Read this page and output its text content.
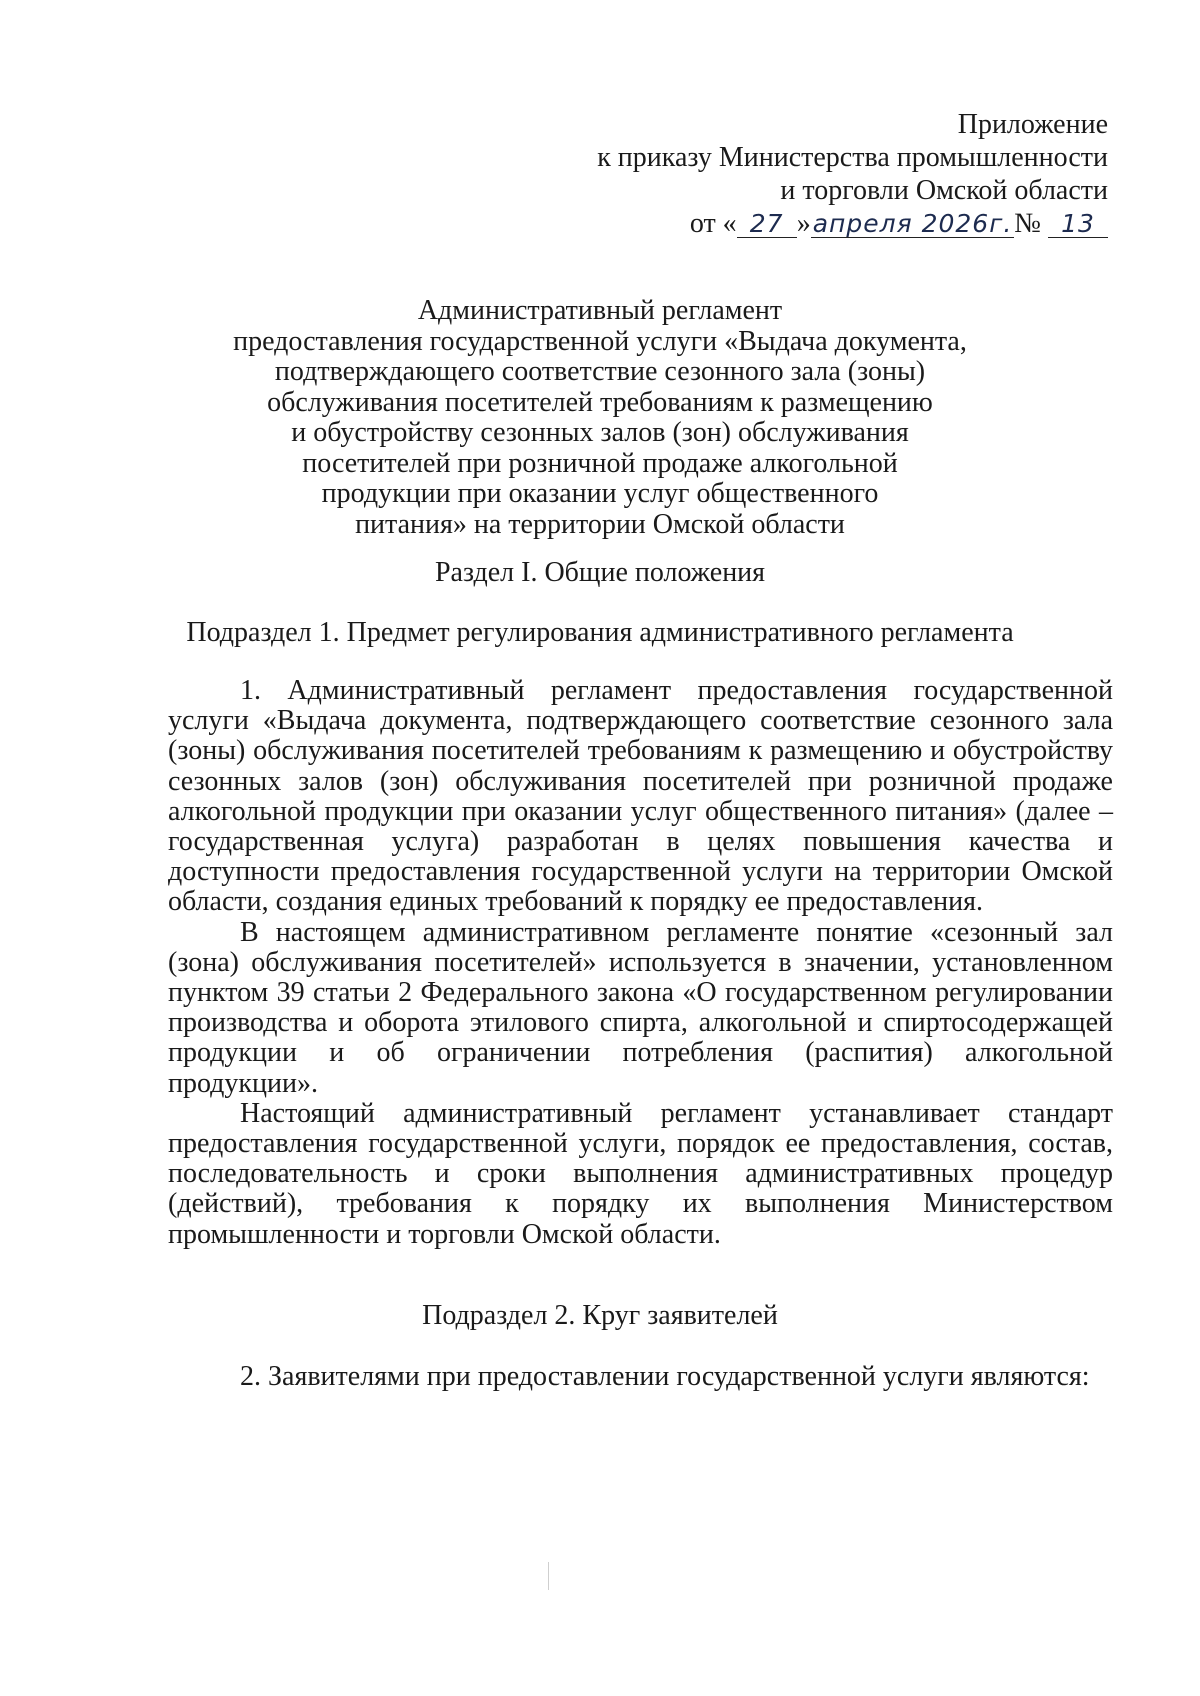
Приложение
к приказу Министерства промышленности
и торговли Омской области
от « 27 »апреля 2026г.№ 13
Административный регламент
предоставления государственной услуги «Выдача документа,
подтверждающего соответствие сезонного зала (зоны)
обслуживания посетителей требованиям к размещению
и обустройству сезонных залов (зон) обслуживания
посетителей при розничной продаже алкогольной
продукции при оказании услуг общественного
питания» на территории Омской области
Раздел I. Общие положения
Подраздел 1. Предмет регулирования административного регламента

1. Административный регламент предоставления государственной услуги «Выдача документа, подтверждающего соответствие сезонного зала (зоны) обслуживания посетителей требованиям к размещению и обустройству сезонных залов (зон) обслуживания посетителей при розничной продаже алкогольной продукции при оказании услуг общественного питания» (далее – государственная услуга) разработан в целях повышения качества и доступности предоставления государственной услуги на территории Омской области, создания единых требований к порядку ее предоставления.

В настоящем административном регламенте понятие «сезонный зал (зона) обслуживания посетителей» используется в значении, установленном пунктом 39 статьи 2 Федерального закона «О государственном регулировании производства и оборота этилового спирта, алкогольной и спиртосодержащей продукции и об ограничении потребления (распития) алкогольной продукции».

Настоящий административный регламент устанавливает стандарт предоставления государственной услуги, порядок ее предоставления, состав, последовательность и сроки выполнения административных процедур (действий), требования к порядку их выполнения Министерством промышленности и торговли Омской области.

Подраздел 2. Круг заявителей

2. Заявителями при предоставлении государственной услуги являются:
